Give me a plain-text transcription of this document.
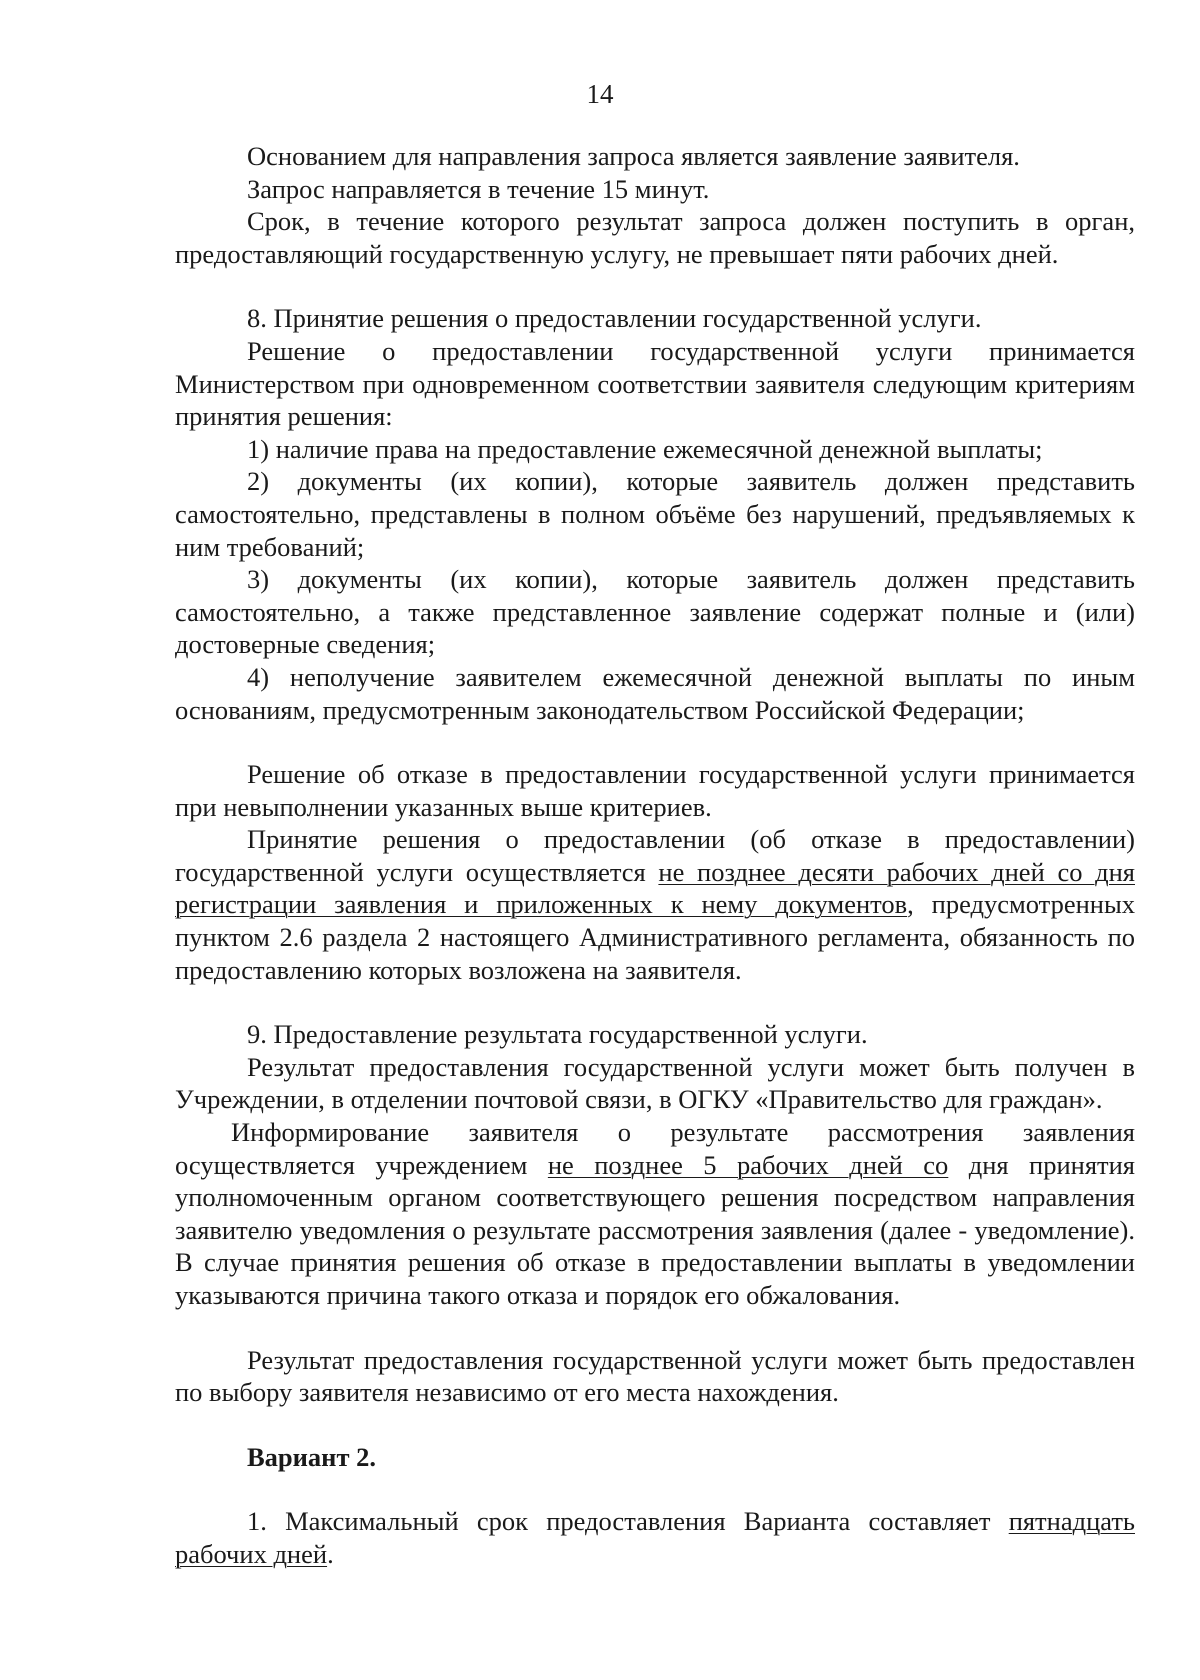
14

Основанием для направления запроса является заявление заявителя.

Запрос направляется в течение 15 минут.

Срок, в течение которого результат запроса должен поступить в орган, предоставляющий государственную услугу, не превышает пяти рабочих дней.

8. Принятие решения о предоставлении государственной услуги.

Решение о предоставлении государственной услуги принимается Министерством при одновременном соответствии заявителя следующим критериям принятия решения:

1) наличие права на предоставление ежемесячной денежной выплаты;

2) документы (их копии), которые заявитель должен представить самостоятельно, представлены в полном объёме без нарушений, предъявляемых к ним требований;

3) документы (их копии), которые заявитель должен представить самостоятельно, а также представленное заявление содержат полные и (или) достоверные сведения;

4) неполучение заявителем ежемесячной денежной выплаты по иным основаниям, предусмотренным законодательством Российской Федерации;

Решение об отказе в предоставлении государственной услуги принимается при невыполнении указанных выше критериев.

Принятие решения о предоставлении (об отказе в предоставлении) государственной услуги осуществляется не позднее десяти рабочих дней со дня регистрации заявления и приложенных к нему документов, предусмотренных пунктом 2.6 раздела 2 настоящего Административного регламента, обязанность по предоставлению которых возложена на заявителя.

9. Предоставление результата государственной услуги.

Результат предоставления государственной услуги может быть получен в Учреждении, в отделении почтовой связи, в ОГКУ «Правительство для граждан».

Информирование заявителя о результате рассмотрения заявления осуществляется учреждением не позднее 5 рабочих дней со дня принятия уполномоченным органом соответствующего решения посредством направления заявителю уведомления о результате рассмотрения заявления (далее - уведомление). В случае принятия решения об отказе в предоставлении выплаты в уведомлении указываются причина такого отказа и порядок его обжалования.

Результат предоставления государственной услуги может быть предоставлен по выбору заявителя независимо от его места нахождения.

Вариант 2.

1. Максимальный срок предоставления Варианта составляет пятнадцать рабочих дней.
